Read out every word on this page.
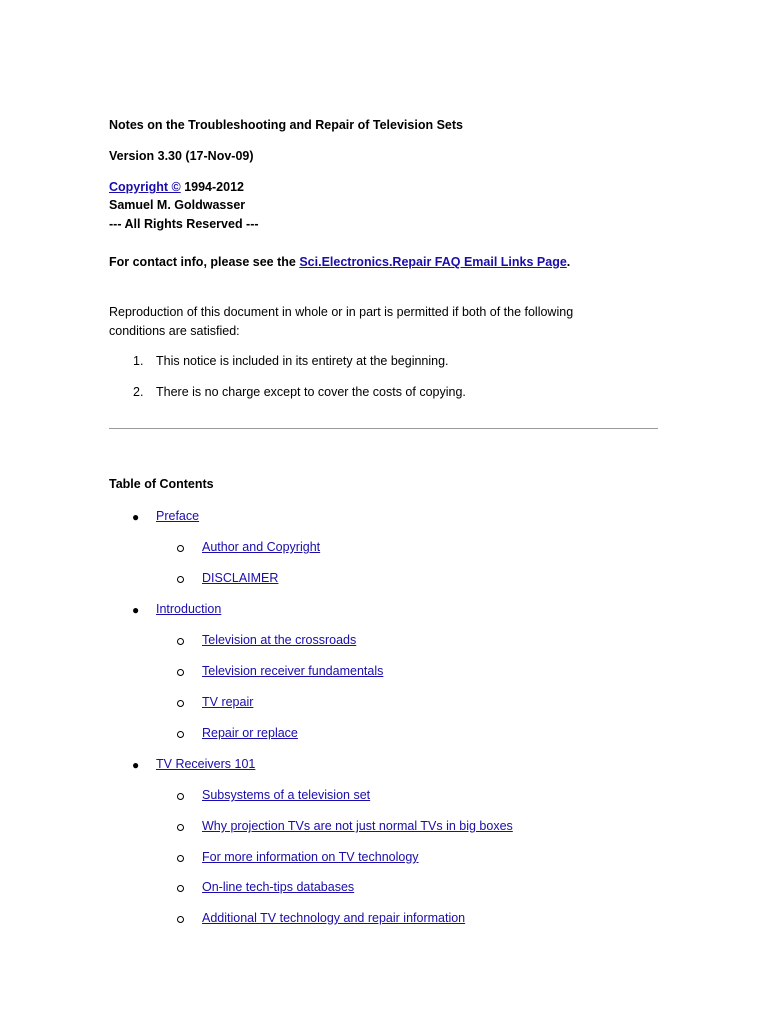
Notes on the Troubleshooting and Repair of Television Sets
Version 3.30 (17-Nov-09)
Copyright © 1994-2012
Samuel M. Goldwasser
--- All Rights Reserved ---
For contact info, please see the Sci.Electronics.Repair FAQ Email Links Page.
Reproduction of this document in whole or in part is permitted if both of the following conditions are satisfied:
1. This notice is included in its entirety at the beginning.
2. There is no charge except to cover the costs of copying.
Table of Contents
● Preface
Author and Copyright
DISCLAIMER
● Introduction
Television at the crossroads
Television receiver fundamentals
TV repair
Repair or replace
● TV Receivers 101
Subsystems of a television set
Why projection TVs are not just normal TVs in big boxes
For more information on TV technology
On-line tech-tips databases
Additional TV technology and repair information
